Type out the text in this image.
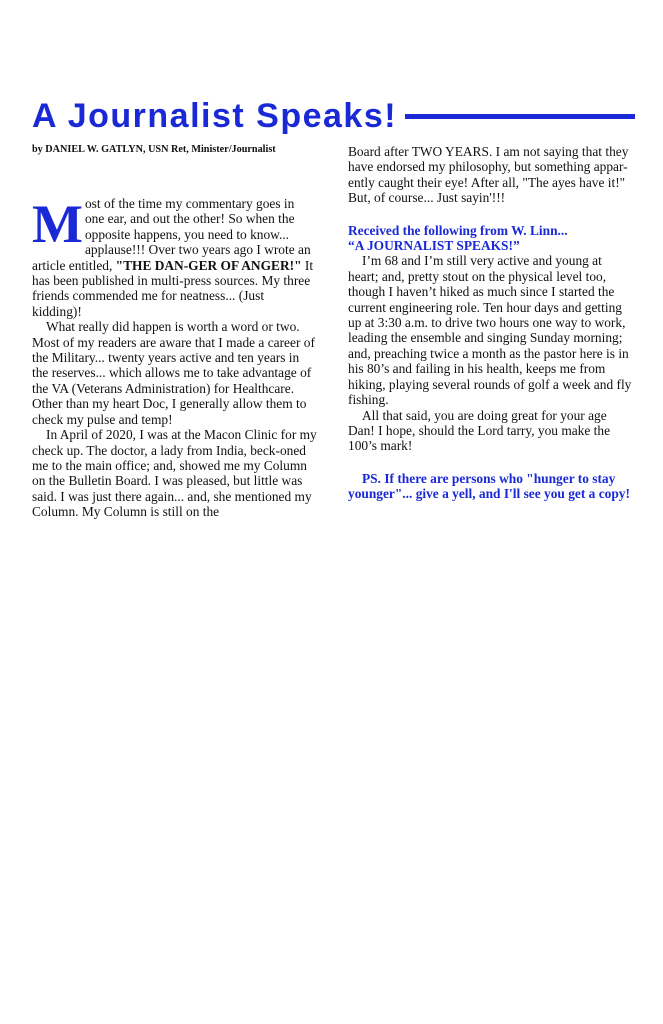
A Journalist Speaks!
by DANIEL W. GATLYN, USN Ret, Minister/Journalist

Most of the time my commentary goes in one ear, and out the other! So when the opposite happens, you need to know... applause!!! Over two years ago I wrote an article entitled, "THE DAN-GER OF ANGER!" It has been published in multi-press sources. My three friends commended me for neatness... (Just kidding)!

What really did happen is worth a word or two. Most of my readers are aware that I made a career of the Military... twenty years active and ten years in the reserves... which allows me to take advantage of the VA (Veterans Administration) for Healthcare. Other than my heart Doc, I generally allow them to check my pulse and temp!

In April of 2020, I was at the Macon Clinic for my check up. The doctor, a lady from India, beck-oned me to the main office; and, showed me my Column on the Bulletin Board. I was pleased, but little was said. I was just there again... and, she mentioned my Column. My Column is still on the

Board after TWO YEARS. I am not saying that they have endorsed my philosophy, but something appar-ently caught their eye! After all, "The ayes have it!" But, of course... Just sayin'!!!

Received the following from W. Linn...
“A JOURNALIST SPEAKS!”

I’m 68 and I’m still very active and young at heart; and, pretty stout on the physical level too, though I haven’t hiked as much since I started the current engineering role. Ten hour days and getting up at 3:30 a.m. to drive two hours one way to work, leading the ensemble and singing Sunday morning; and, preaching twice a month as the pastor here is in his 80’s and failing in his health, keeps me from hiking, playing several rounds of golf a week and fly fishing.

All that said, you are doing great for your age Dan! I hope, should the Lord tarry, you make the 100’s mark!

PS. If there are persons who "hunger to stay younger"... give a yell, and I'll see you get a copy!
